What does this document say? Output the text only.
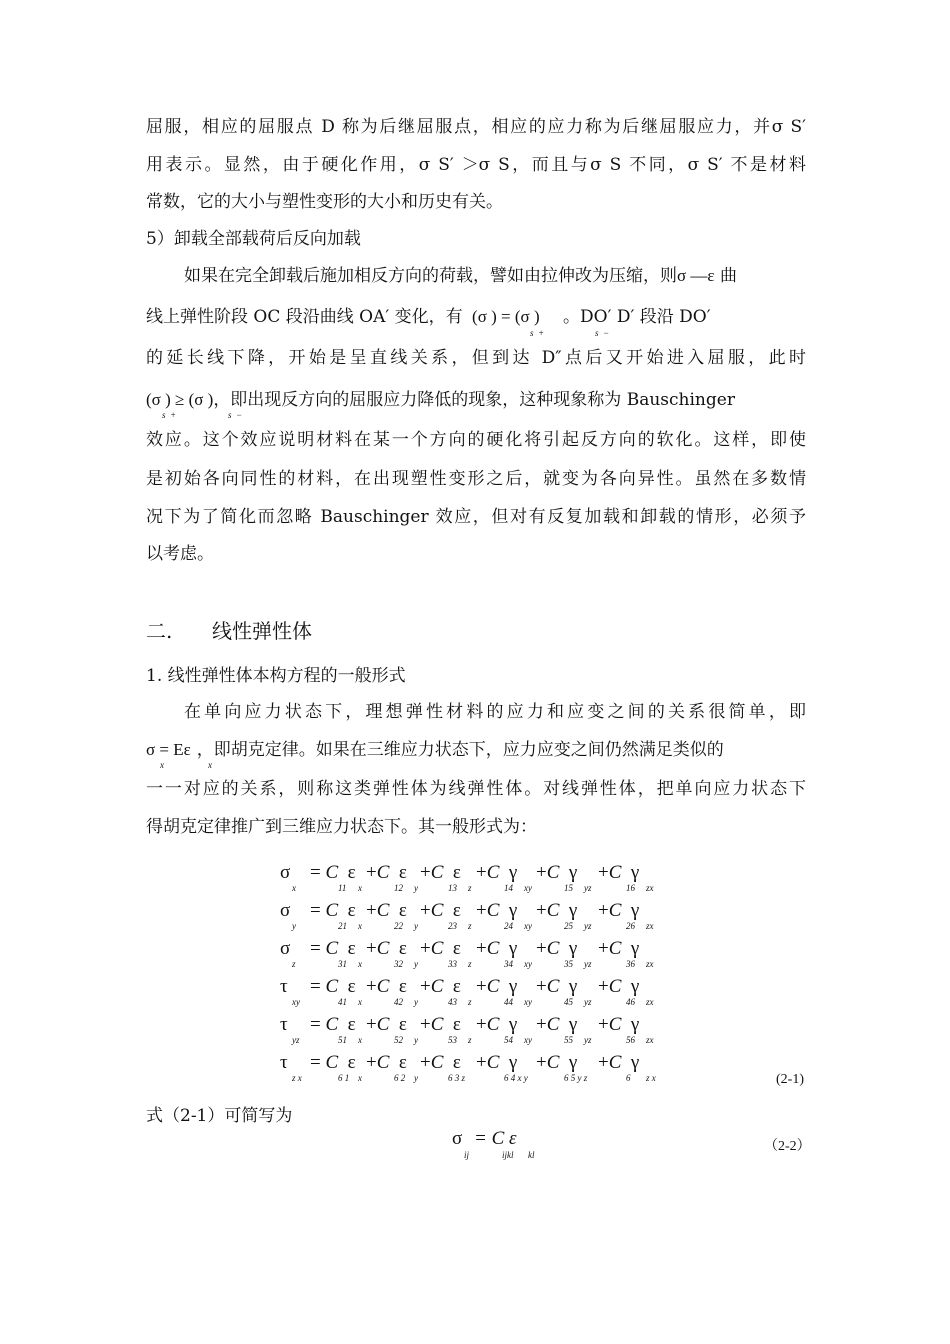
屈服，相应的屈服点 D 称为后继屈服点，相应的应力称为后继屈服应力，并σ S′
用表示。显然，由于硬化作用，σ S′ ＞σ S，而且与σ S 不同，σ S′ 不是材料
常数，它的大小与塑性变形的大小和历史有关。
5）卸载全部载荷后反向加载
如果在完全卸载后施加相反方向的荷载，譬如由拉伸改为压缩，则σ —ε 曲
线上弹性阶段 OC 段沿曲线 OA′ 变化，有 (σ ) = (σ ) 。DO′ D′ 段沿 DO′
s  +	s  −
的延长线下降，开始是呈直线关系，但到达 D″点后又开始进入屈服，此时
(σ ) ≥ (σ )，即出现反方向的屈服应力降低的现象，这种现象称为 Bauschinger
s  +	s  −
效应。这个效应说明材料在某一个方向的硬化将引起反方向的软化。这样，即使
是初始各向同性的材料，在出现塑性变形之后，就变为各向异性。虽然在多数情
况下为了简化而忽略 Bauschinger 效应，但对有反复加载和卸载的情形，必须予
以考虑。
二. 线性弹性体
1. 线性弹性体本构方程的一般形式
在单向应力状态下，理想弹性材料的应力和应变之间的关系很简单，即
σ = Eε ，即胡克定律。如果在三维应力状态下，应力应变之间仍然满足类似的
x	x
一一对应的关系，则称这类弹性体为线弹性体。对线弹性体，把单向应力状态下
得胡克定律推广到三维应力状态下。其一般形式为：
σ
x
= C  ε
11 x
+C  ε
12 y
+C  ε
13 z
+C  γ
14 xy
+C  γ
15 yz
+C  γ
16 zx
σ
y
= C  ε
21 x
+C  ε
22 y
+C  ε
23 z
+C  γ
24 xy
+C  γ
25 yz
+C  γ
26 zx
σ
z
= C  ε
31 x
+C  ε
32 y
+C  ε
33 z
+C  γ
34 xy
+C  γ
35 yz
+C  γ
36 zx
τ
xy
= C  ε
41 x
+C  ε
42 y
+C  ε
43 z
+C  γ
44 xy
+C  γ
45 yz
+C  γ
46 zx
τ
yz
= C  ε
51 x
+C  ε
52 y
+C  ε
53 z
+C  γ
54 xy
+C  γ
55 yz
+C  γ
56 zx
τ
z x
= C  ε
6 1 x
+C  ε
6 2 y
+C  ε
6 3 z
+C  γ
6 4 x y
+C  γ
6 5 y z
+C  γ
6 z x	(2-1)
式（2-1）可简写为
σ
ij
= C ε
ijkl kl
（2-2）
